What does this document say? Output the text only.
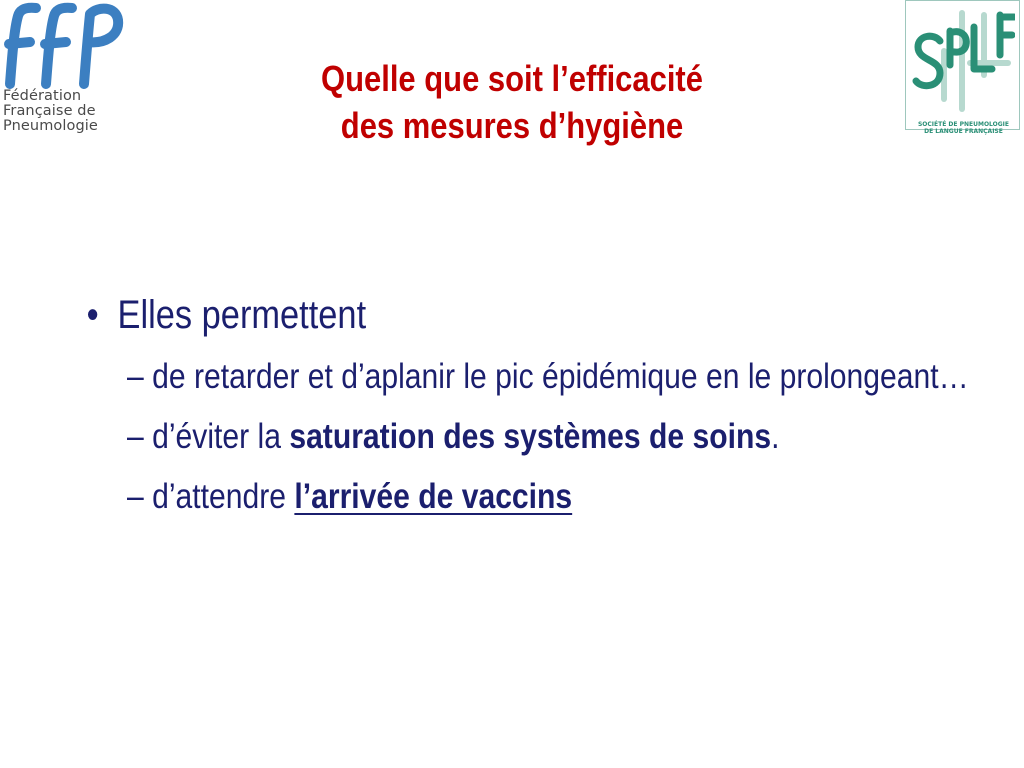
Fédération
Française de
Pneumologie	SOCIÉTÉ DE PNEUMOLOGIE
DE LANGUE FRANÇAISE
Quelle que soit l’efficacité
des mesures d’hygiène
• Elles permettent
– de retarder et d’aplanir le pic épidémique en le prolongeant…
– d’éviter la saturation des systèmes de soins.
– d’attendre l’arrivée de vaccins
